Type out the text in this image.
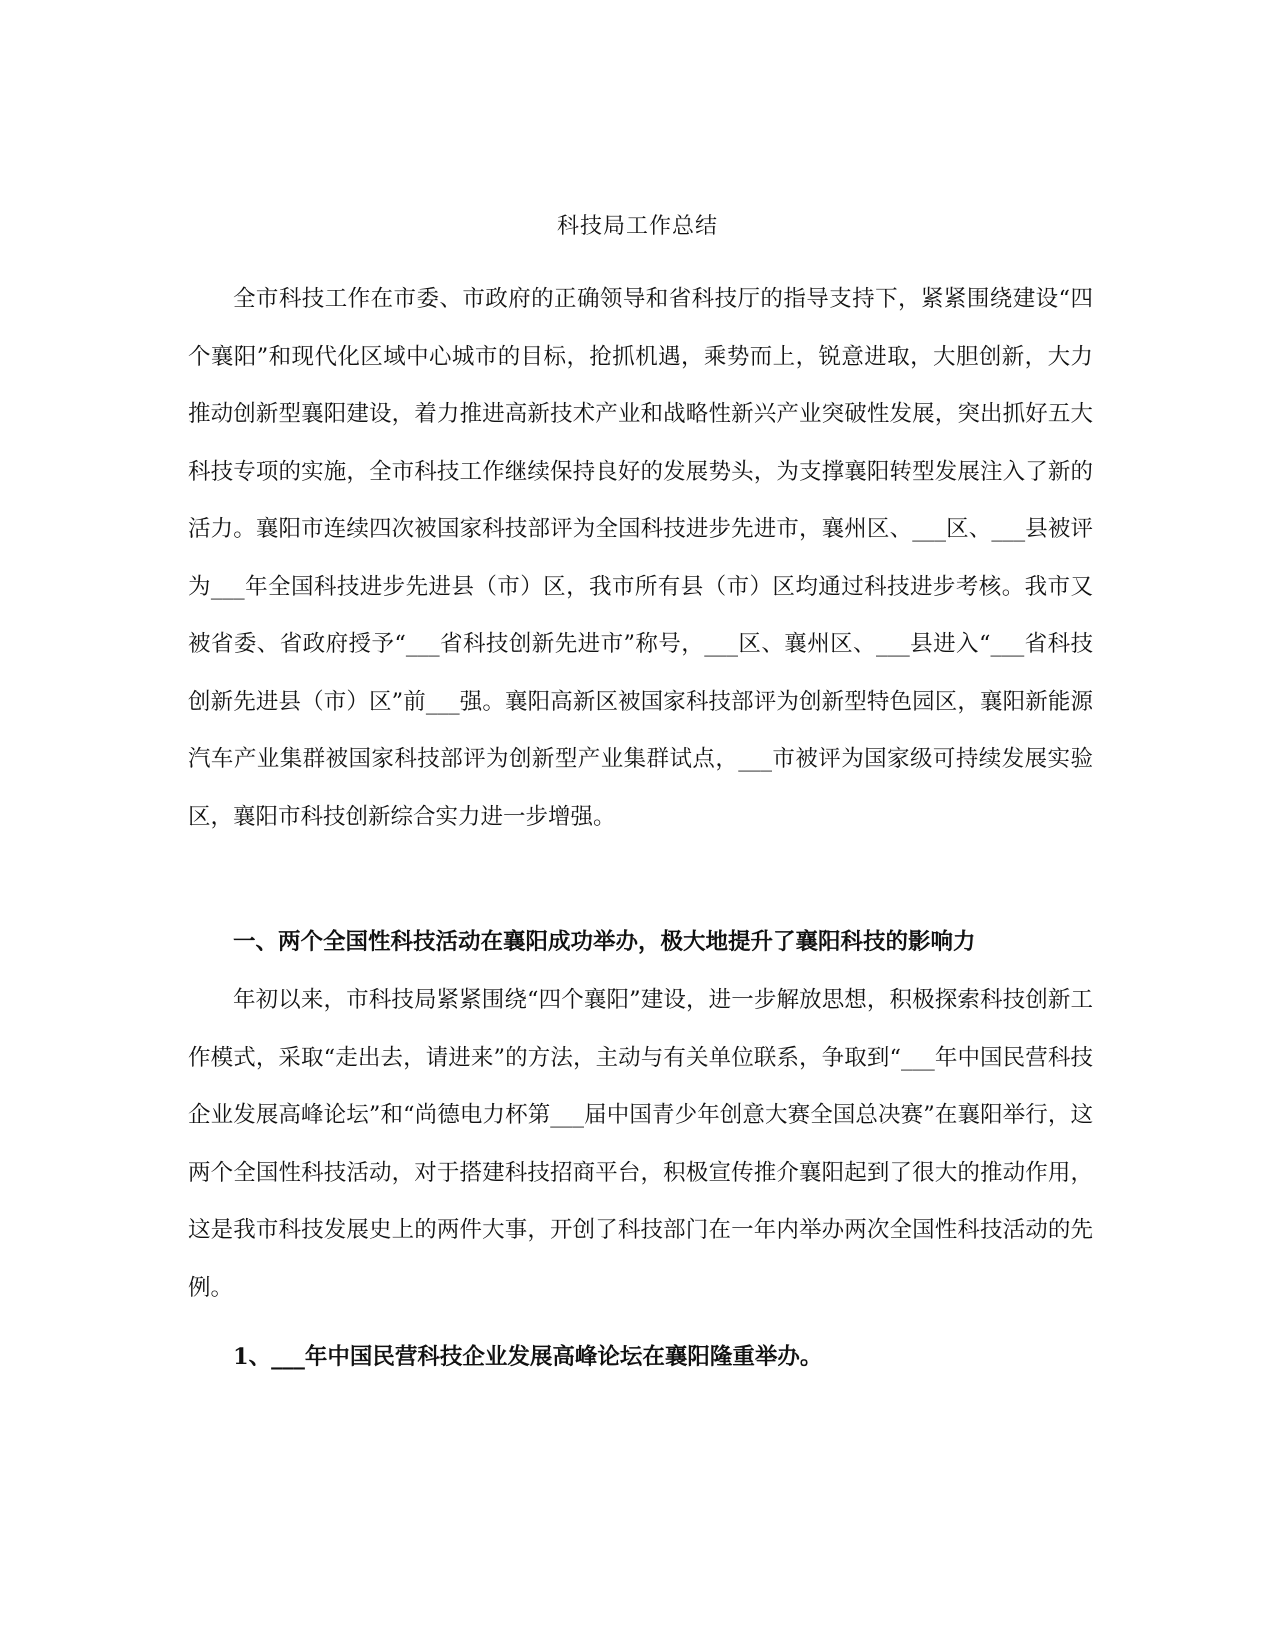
科技局工作总结

全市科技工作在市委、市政府的正确领导和省科技厅的指导支持下，紧紧围绕建设“四个襄阳”和现代化区域中心城市的目标，抢抓机遇，乘势而上，锐意进取，大胆创新，大力推动创新型襄阳建设，着力推进高新技术产业和战略性新兴产业突破性发展，突出抓好五大科技专项的实施，全市科技工作继续保持良好的发展势头，为支撑襄阳转型发展注入了新的活力。襄阳市连续四次被国家科技部评为全国科技进步先进市，襄州区、___区、___县被评为___年全国科技进步先进县（市）区，我市所有县（市）区均通过科技进步考核。我市又被省委、省政府授予“___省科技创新先进市”称号，___区、襄州区、___县进入“___省科技创新先进县（市）区”前___强。襄阳高新区被国家科技部评为创新型特色园区，襄阳新能源汽车产业集群被国家科技部评为创新型产业集群试点，___市被评为国家级可持续发展实验区，襄阳市科技创新综合实力进一步增强。

一、两个全国性科技活动在襄阳成功举办，极大地提升了襄阳科技的影响力

年初以来，市科技局紧紧围绕“四个襄阳”建设，进一步解放思想，积极探索科技创新工作模式，采取“走出去，请进来”的方法，主动与有关单位联系，争取到“___年中国民营科技企业发展高峰论坛”和“尚德电力杯第___届中国青少年创意大赛全国总决赛”在襄阳举行，这两个全国性科技活动，对于搭建科技招商平台，积极宣传推介襄阳起到了很大的推动作用，这是我市科技发展史上的两件大事，开创了科技部门在一年内举办两次全国性科技活动的先例。

1、___年中国民营科技企业发展高峰论坛在襄阳隆重举办。
